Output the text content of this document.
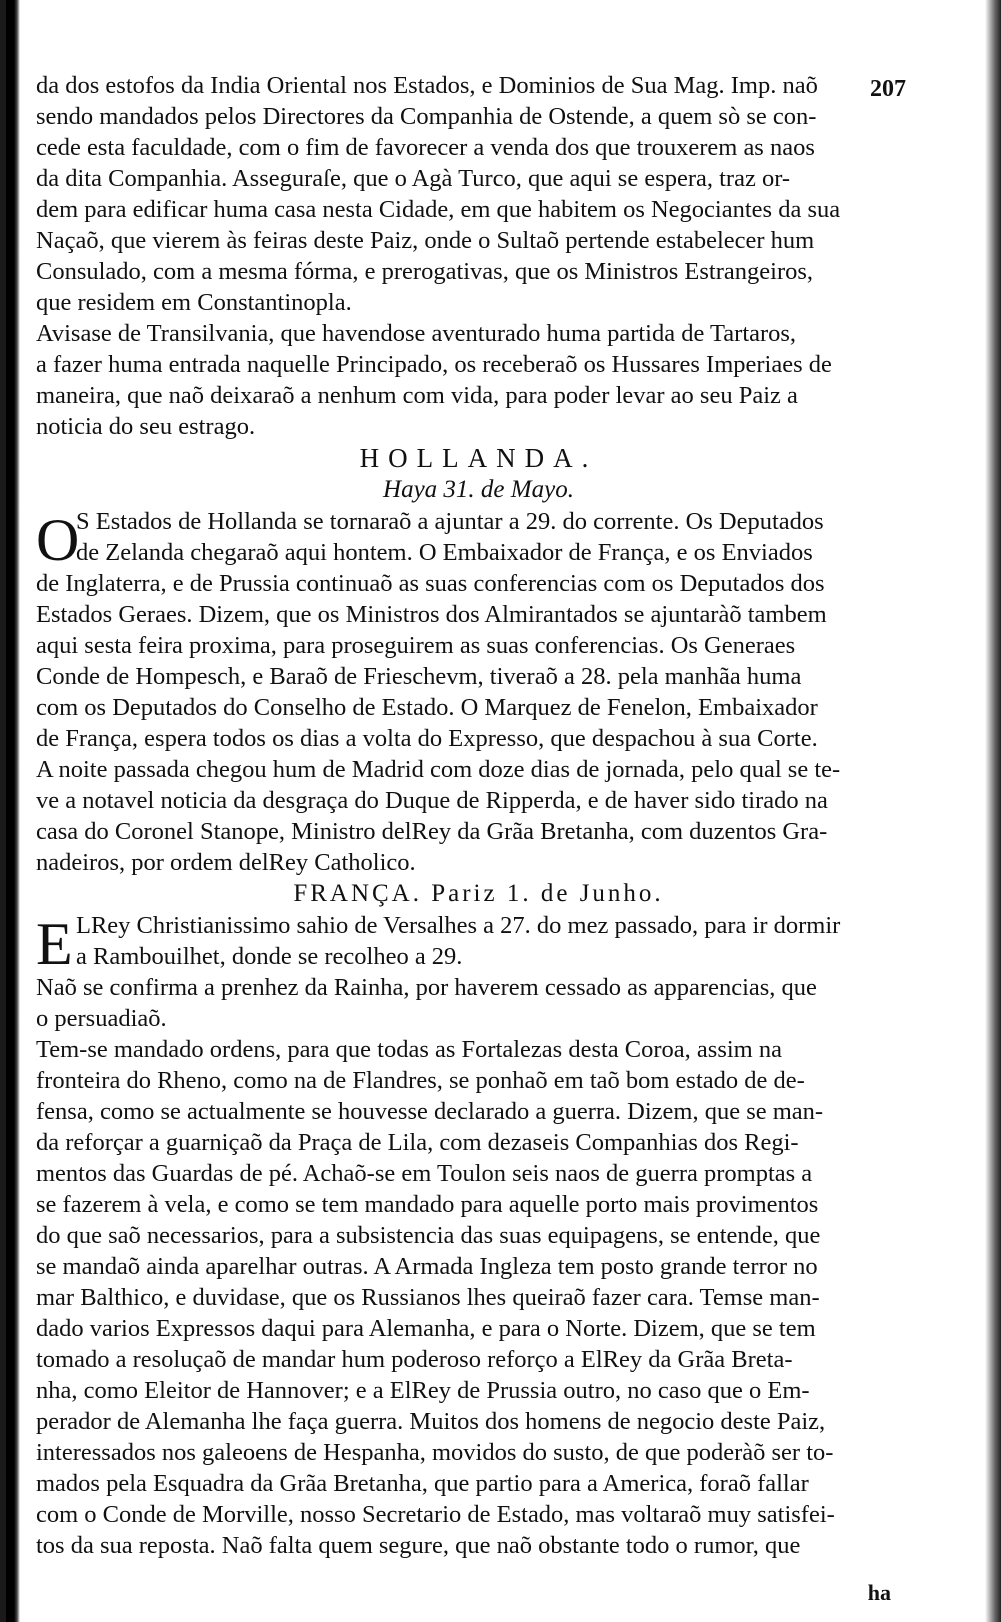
207
da dos estofos da India Oriental nos Estados, e Dominios de Sua Mag. Imp. naõ
sendo mandados pelos Directores da Companhia de Ostende, a quem sò se con-
cede esta faculdade, com o fim de favorecer a venda dos que trouxerem as naos
da dita Companhia. Asseguraſe, que o Agà Turco, que aqui se espera, traz or-
dem para edificar huma casa nesta Cidade, em que habitem os Negociantes da sua
Naçaõ, que vierem às feiras deste Paiz, onde o Sultaõ pertende estabelecer hum
Consulado, com a mesma fórma, e prerogativas, que os Ministros Estrangeiros,
que residem em Constantinopla.
Avisase de Transilvania, que havendose aventurado huma partida de Tartaros,
a fazer huma entrada naquelle Principado, os receberaõ os Hussares Imperiaes de
maneira, que naõ deixaraõ a nenhum com vida, para poder levar ao seu Paiz a
noticia do seu estrago.
HOLLANDA.
Haya 31. de Mayo.
O
S Estados de Hollanda se tornaraõ a ajuntar a 29. do corrente. Os Deputados
de Zelanda chegaraõ aqui hontem. O Embaixador de França, e os Enviados
de Inglaterra, e de Prussia continuaõ as suas conferencias com os Deputados dos
Estados Geraes. Dizem, que os Ministros dos Almirantados se ajuntaràõ tambem
aqui sesta feira proxima, para proseguirem as suas conferencias. Os Generaes
Conde de Hompesch, e Baraõ de Frieschevm, tiveraõ a 28. pela manhãa huma
com os Deputados do Conselho de Estado. O Marquez de Fenelon, Embaixador
de França, espera todos os dias a volta do Expresso, que despachou à sua Corte.
A noite passada chegou hum de Madrid com doze dias de jornada, pelo qual se te-
ve a notavel noticia da desgraça do Duque de Ripperda, e de haver sido tirado na
casa do Coronel Stanope, Ministro delRey da Grãa Bretanha, com duzentos Gra-
nadeiros, por ordem delRey Catholico.
FRANÇA. Pariz 1. de Junho.
E LRey Christianissimo sahio de Versalhes a 27. do mez passado, para ir dormir
a Rambouilhet, donde se recolheo a 29.
Naõ se confirma a prenhez da Rainha, por haverem cessado as apparencias, que
o persuadiaõ.
Tem-se mandado ordens, para que todas as Fortalezas desta Coroa, assim na
fronteira do Rheno, como na de Flandres, se ponhaõ em taõ bom estado de de-
fensa, como se actualmente se houvesse declarado a guerra. Dizem, que se man-
da reforçar a guarniçaõ da Praça de Lila, com dezaseis Companhias dos Regi-
mentos das Guardas de pé. Achaõ-se em Toulon seis naos de guerra promptas a
se fazerem à vela, e como se tem mandado para aquelle porto mais provimentos
do que saõ necessarios, para a subsistencia das suas equipagens, se entende, que
se mandaõ ainda aparelhar outras. A Armada Ingleza tem posto grande terror no
mar Balthico, e duvidase, que os Russianos lhes queiraõ fazer cara. Temse man-
dado varios Expressos daqui para Alemanha, e para o Norte. Dizem, que se tem
tomado a resoluçaõ de mandar hum poderoso reforço a ElRey da Grãa Breta-
nha, como Eleitor de Hannover; e a ElRey de Prussia outro, no caso que o Em-
perador de Alemanha lhe faça guerra. Muitos dos homens de negocio deste Paiz,
interessados nos galeoens de Hespanha, movidos do susto, de que poderàõ ser to-
mados pela Esquadra da Grãa Bretanha, que partio para a America, foraõ fallar
com o Conde de Morville, nosso Secretario de Estado, mas voltaraõ muy satisfei-
tos da sua reposta. Naõ falta quem segure, que naõ obstante todo o rumor, que
ha
